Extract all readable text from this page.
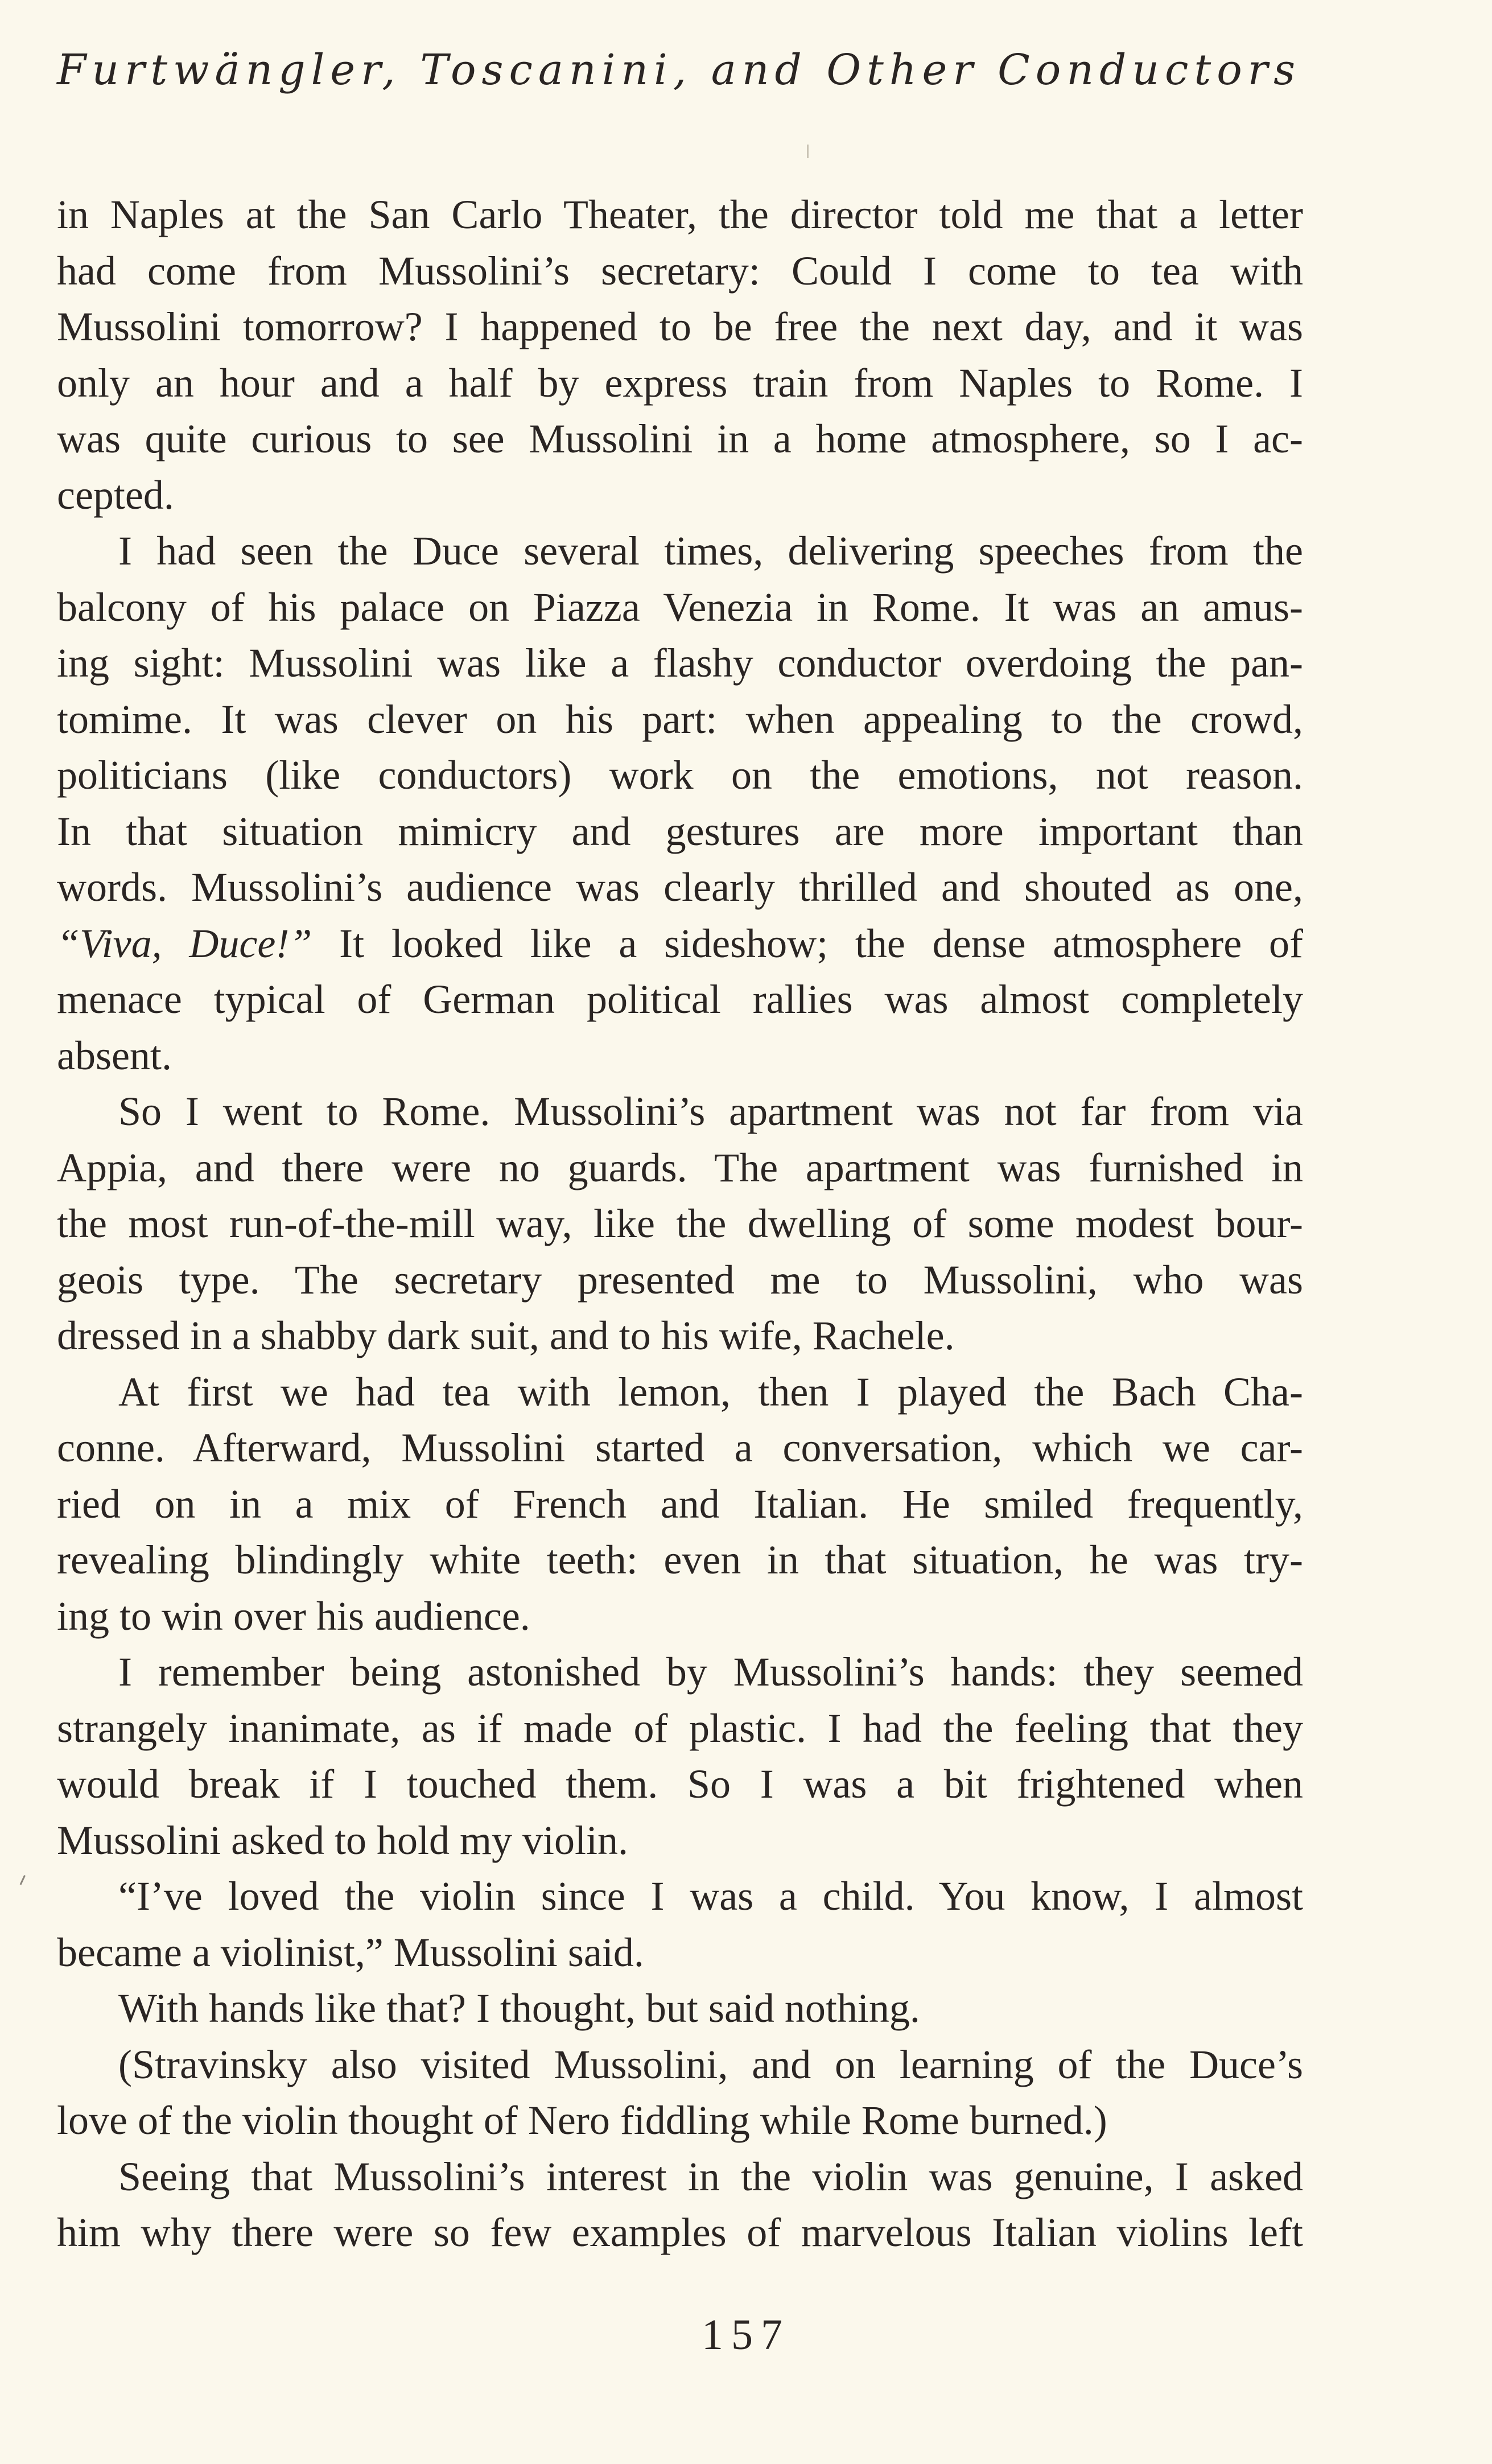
Furtwängler, Toscanini, and Other Conductors
in Naples at the San Carlo Theater, the director told me that a letter
had come from Mussolini’s secretary: Could I come to tea with
Mussolini tomorrow? I happened to be free the next day, and it was
only an hour and a half by express train from Naples to Rome. I
was quite curious to see Mussolini in a home atmosphere, so I ac-
cepted.
I had seen the Duce several times, delivering speeches from the
balcony of his palace on Piazza Venezia in Rome. It was an amus-
ing sight: Mussolini was like a flashy conductor overdoing the pan-
tomime. It was clever on his part: when appealing to the crowd,
politicians (like conductors) work on the emotions, not reason.
In that situation mimicry and gestures are more important than
words. Mussolini’s audience was clearly thrilled and shouted as one,
“Viva, Duce!” It looked like a sideshow; the dense atmosphere of
menace typical of German political rallies was almost completely
absent.
So I went to Rome. Mussolini’s apartment was not far from via
Appia, and there were no guards. The apartment was furnished in
the most run-of-the-mill way, like the dwelling of some modest bour-
geois type. The secretary presented me to Mussolini, who was
dressed in a shabby dark suit, and to his wife, Rachele.
At first we had tea with lemon, then I played the Bach Cha-
conne. Afterward, Mussolini started a conversation, which we car-
ried on in a mix of French and Italian. He smiled frequently,
revealing blindingly white teeth: even in that situation, he was try-
ing to win over his audience.
I remember being astonished by Mussolini’s hands: they seemed
strangely inanimate, as if made of plastic. I had the feeling that they
would break if I touched them. So I was a bit frightened when
Mussolini asked to hold my violin.
“I’ve loved the violin since I was a child. You know, I almost
became a violinist,” Mussolini said.
With hands like that? I thought, but said nothing.
(Stravinsky also visited Mussolini, and on learning of the Duce’s
love of the violin thought of Nero fiddling while Rome burned.)
Seeing that Mussolini’s interest in the violin was genuine, I asked
him why there were so few examples of marvelous Italian violins left
157
